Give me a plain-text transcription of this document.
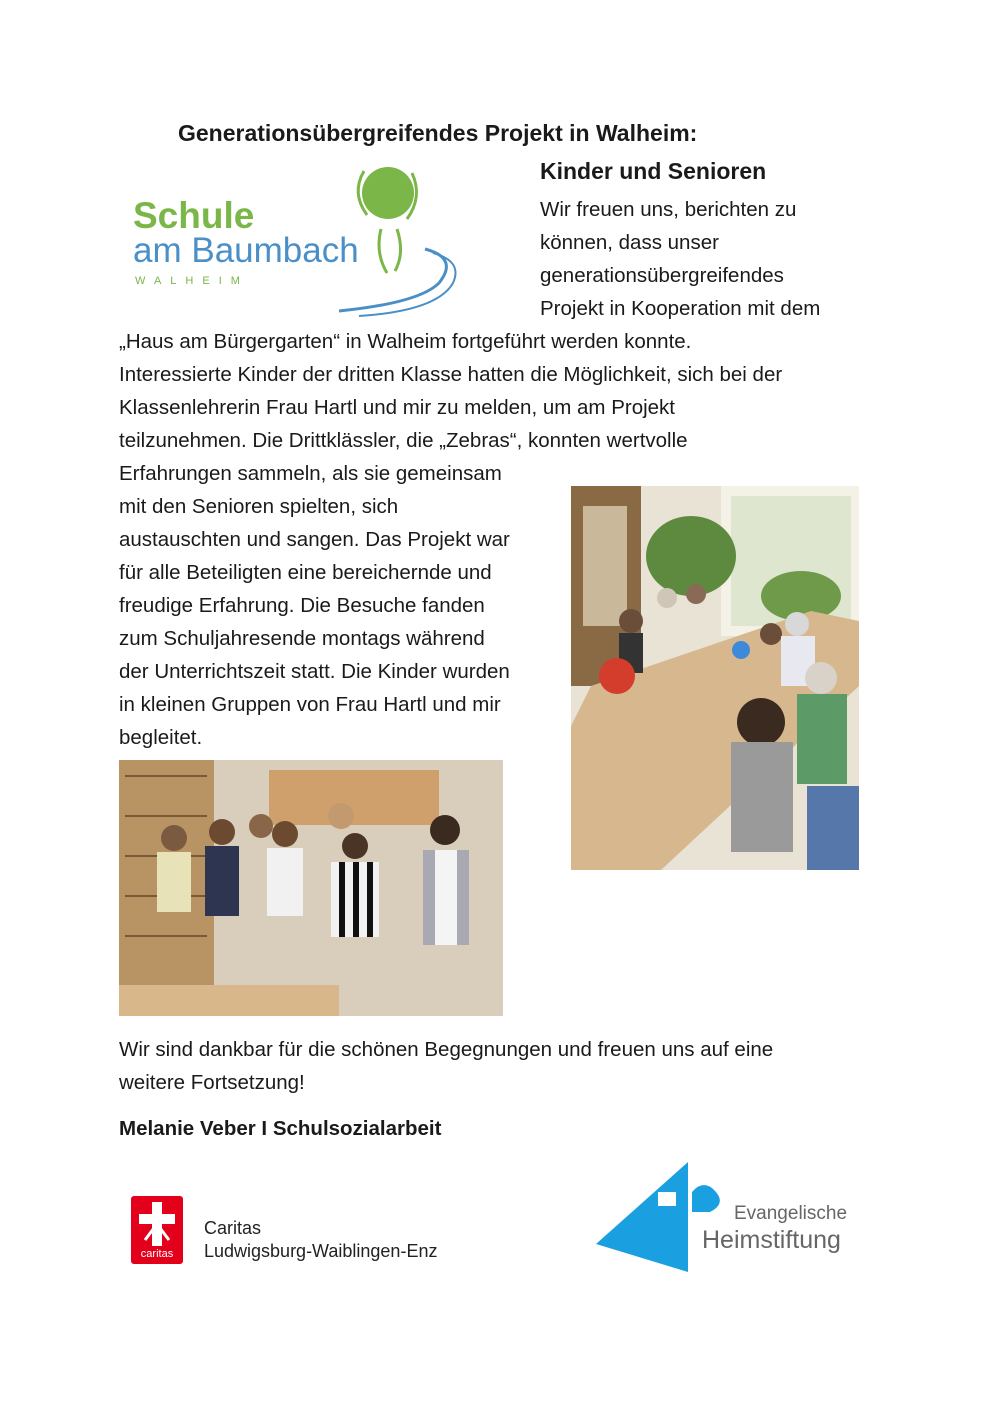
Generationsübergreifendes Projekt in Walheim:
Kinder und Senioren
Schule
am Baumbach
WALHEIM
Wir freuen uns, berichten zu
können, dass unser
generationsübergreifendes
Projekt in Kooperation mit dem
„Haus am Bürgergarten“ in Walheim fortgeführt werden konnte.
Interessierte Kinder der dritten Klasse hatten die Möglichkeit, sich bei der
Klassenlehrerin Frau Hartl und mir zu melden, um am Projekt
teilzunehmen. Die Drittklässler, die „Zebras“, konnten wertvolle
Erfahrungen sammeln, als sie gemeinsam
mit den Senioren spielten, sich
austauschten und sangen. Das Projekt war
für alle Beteiligten eine bereichernde und
freudige Erfahrung. Die Besuche fanden
zum Schuljahresende montags während
der Unterrichtszeit statt. Die Kinder wurden
in kleinen Gruppen von Frau Hartl und mir
begleitet.
Wir sind dankbar für die schönen Begegnungen und freuen uns auf eine
weitere Fortsetzung!
Melanie Veber I Schulsozialarbeit
caritas
Caritas
Ludwigsburg-Waiblingen-Enz
Evangelische
Heimstiftung
